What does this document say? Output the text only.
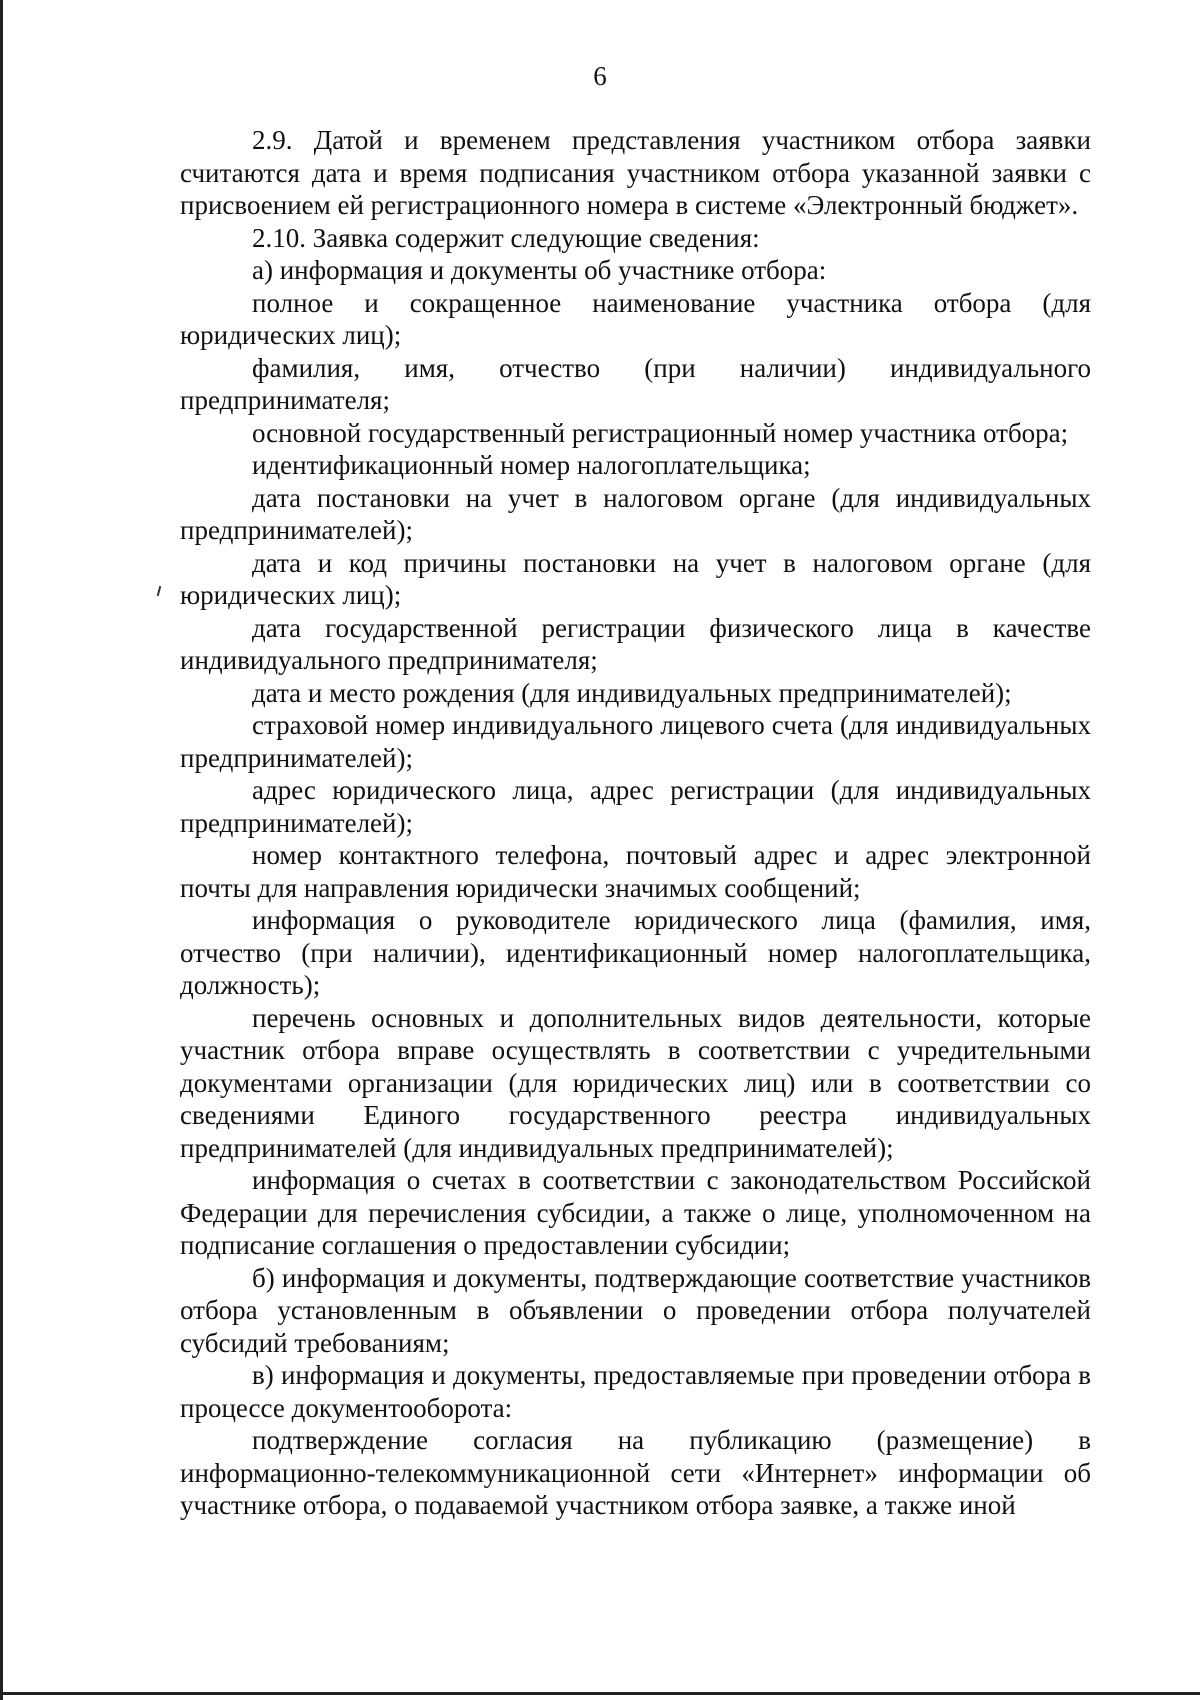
6

2.9. Датой и временем представления участником отбора заявки считаются дата и время подписания участником отбора указанной заявки с присвоением ей регистрационного номера в системе «Электронный бюджет».

2.10. Заявка содержит следующие сведения:

а) информация и документы об участнике отбора:

полное и сокращенное наименование участника отбора (для юридических лиц);

фамилия, имя, отчество (при наличии) индивидуального предпринимателя;

основной государственный регистрационный номер участника отбора;

идентификационный номер налогоплательщика;

дата постановки на учет в налоговом органе (для индивидуальных предпринимателей);

дата и код причины постановки на учет в налоговом органе (для юридических лиц);

дата государственной регистрации физического лица в качестве индивидуального предпринимателя;

дата и место рождения (для индивидуальных предпринимателей);

страховой номер индивидуального лицевого счета (для индивидуальных предпринимателей);

адрес юридического лица, адрес регистрации (для индивидуальных предпринимателей);

номер контактного телефона, почтовый адрес и адрес электронной почты для направления юридически значимых сообщений;

информация о руководителе юридического лица (фамилия, имя, отчество (при наличии), идентификационный номер налогоплательщика, должность);

перечень основных и дополнительных видов деятельности, которые участник отбора вправе осуществлять в соответствии с учредительными документами организации (для юридических лиц) или в соответствии со сведениями Единого государственного реестра индивидуальных предпринимателей (для индивидуальных предпринимателей);

информация о счетах в соответствии с законодательством Российской Федерации для перечисления субсидии, а также о лице, уполномоченном на подписание соглашения о предоставлении субсидии;

б) информация и документы, подтверждающие соответствие участников отбора установленным в объявлении о проведении отбора получателей субсидий требованиям;

в) информация и документы, предоставляемые при проведении отбора в процессе документооборота:

подтверждение согласия на публикацию (размещение) в информационно-телекоммуникационной сети «Интернет» информации об участнике отбора, о подаваемой участником отбора заявке, а также иной
